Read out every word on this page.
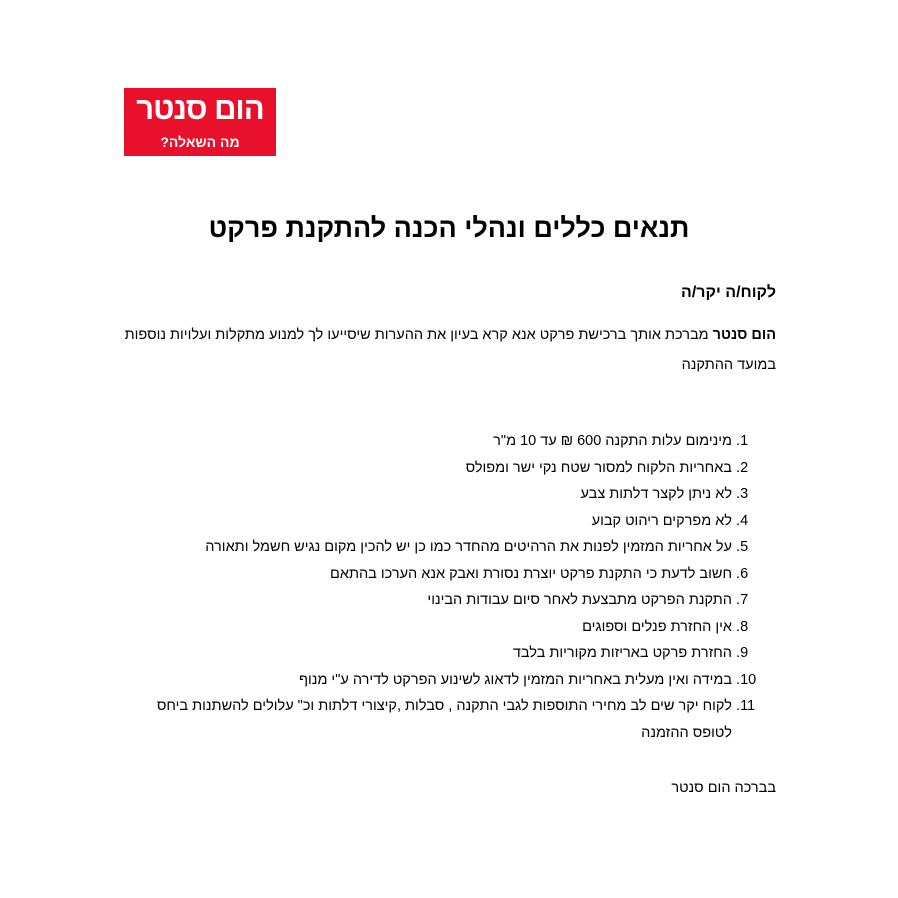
הום סנטר
מה השאלה?
תנאים כללים ונהלי הכנה להתקנת פרקט
לקוח/ה יקר/ה

הום סנטר מברכת אותך ברכישת פרקט אנא קרא בעיון את ההערות שיסייעו לך למנוע מתקלות ועלויות נוספות במועד ההתקנה

1. מינימום עלות התקנה 600 ₪ עד 10 מ"ר
2. באחריות הלקוח למסור שטח נקי ישר ומפולס
3. לא ניתן לקצר דלתות צבע
4. לא מפרקים ריהוט קבוע
5. על אחריות המזמין לפנות את הרהיטים מהחדר כמו כן יש להכין מקום נגיש חשמל ותאורה
6. חשוב לדעת כי התקנת פרקט יוצרת נסורת ואבק אנא הערכו בהתאם
7. התקנת הפרקט מתבצעת לאחר סיום עבודות הבינוי
8. אין החזרת פנלים וספוגים
9. החזרת פרקט באריזות מקוריות בלבד
10. במידה ואין מעלית באחריות המזמין לדאוג לשינוע הפרקט לדירה ע"י מנוף
11. לקוח יקר שים לב מחירי התוספות לגבי התקנה , סבלות ,קיצורי דלתות וכ" עלולים להשתנות ביחס לטופס ההזמנה
בברכה הום סנטר
